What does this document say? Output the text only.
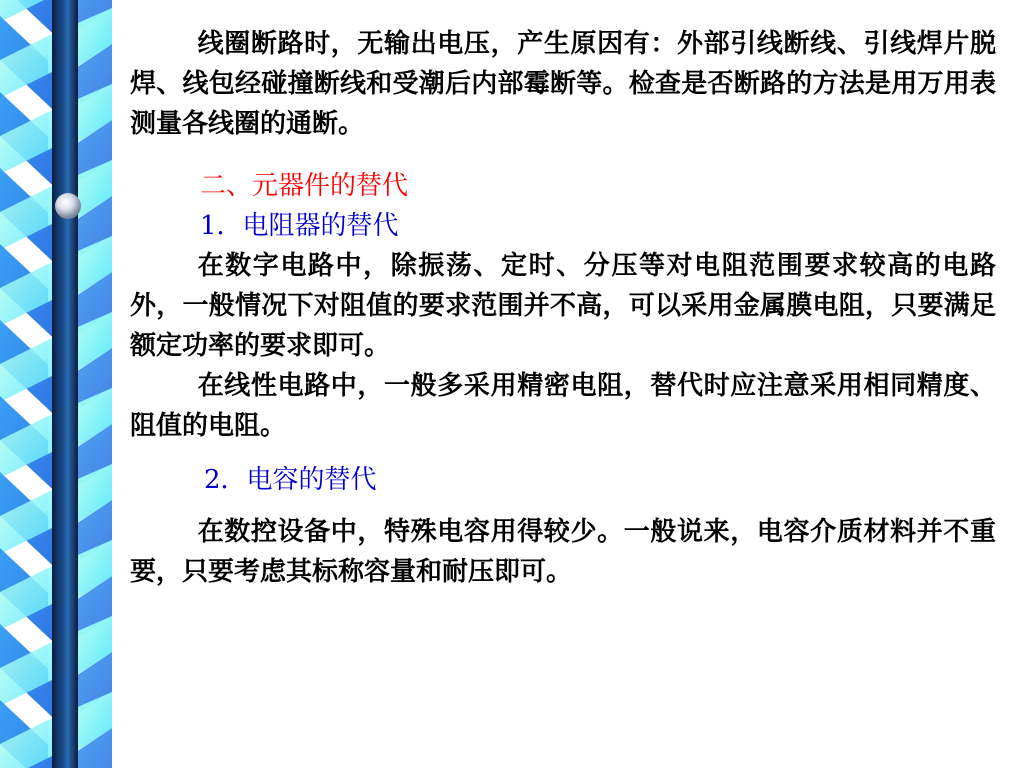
线圈断路时，无输出电压，产生原因有：外部引线断线、引线焊片脱焊、线包经碰撞断线和受潮后内部霉断等。检查是否断路的方法是用万用表测量各线圈的通断。

二、元器件的替代

1．电阻器的替代

在数字电路中，除振荡、定时、分压等对电阻范围要求较高的电路外，一般情况下对阻值的要求范围并不高，可以采用金属膜电阻，只要满足额定功率的要求即可。

在线性电路中，一般多采用精密电阻，替代时应注意采用相同精度、阻值的电阻。

2．电容的替代

在数控设备中，特殊电容用得较少。一般说来，电容介质材料并不重要，只要考虑其标称容量和耐压即可。
